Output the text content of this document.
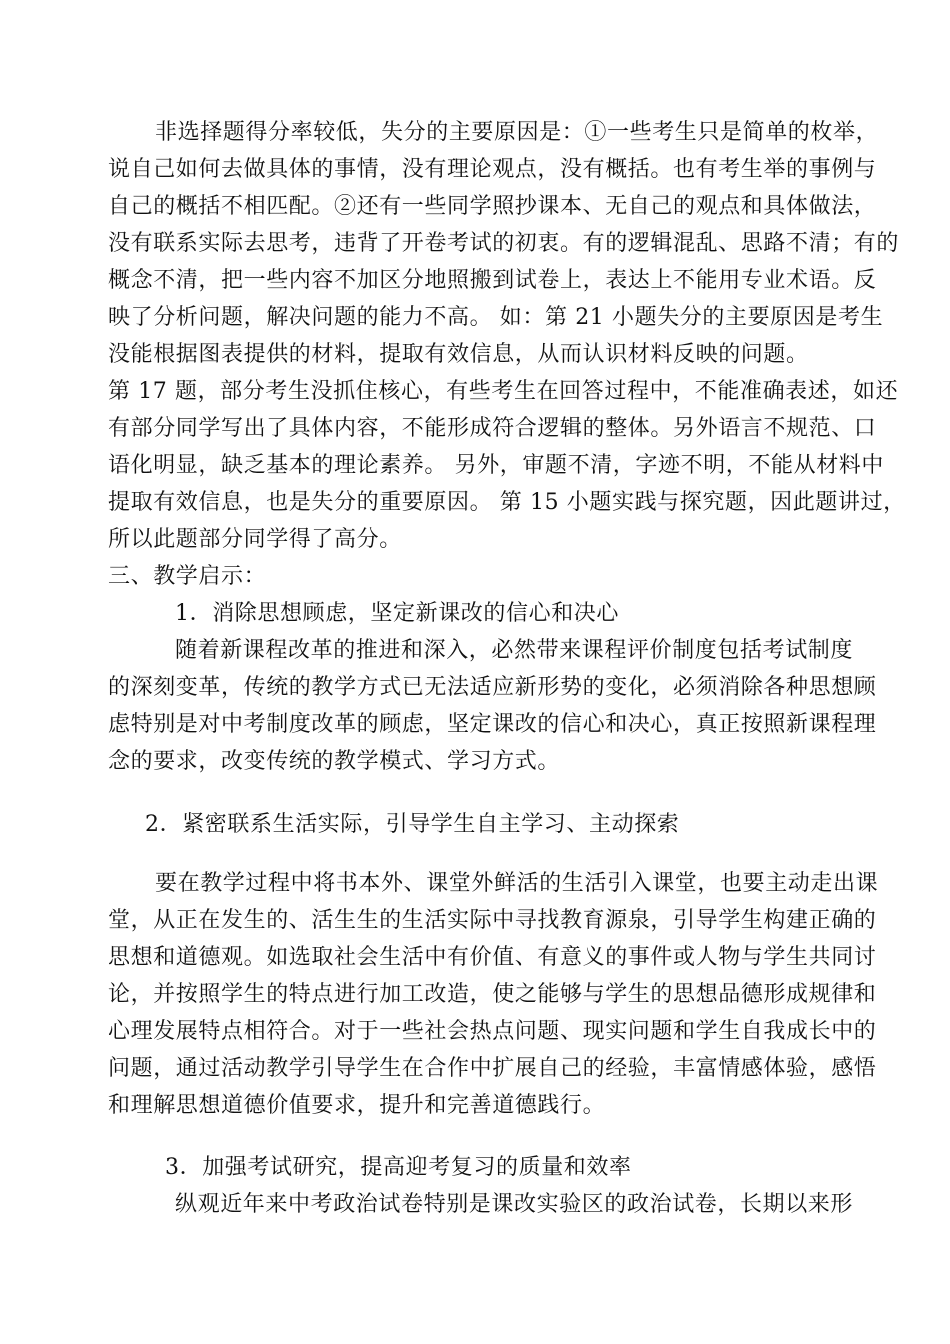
非选择题得分率较低，失分的主要原因是：①一些考生只是简单的枚举，
说自己如何去做具体的事情，没有理论观点，没有概括。也有考生举的事例与
自己的概括不相匹配。②还有一些同学照抄课本、无自己的观点和具体做法，
没有联系实际去思考，违背了开卷考试的初衷。有的逻辑混乱、思路不清；有的
概念不清，把一些内容不加区分地照搬到试卷上，表达上不能用专业术语。反
映了分析问题，解决问题的能力不高。 如：第 21 小题失分的主要原因是考生
没能根据图表提供的材料，提取有效信息，从而认识材料反映的问题。
第 17 题，部分考生没抓住核心，有些考生在回答过程中，不能准确表述，如还
有部分同学写出了具体内容，不能形成符合逻辑的整体。另外语言不规范、口
语化明显，缺乏基本的理论素养。 另外，审题不清，字迹不明，不能从材料中
提取有效信息，也是失分的重要原因。 第 15 小题实践与探究题，因此题讲过，
所以此题部分同学得了高分。
三、教学启示：
1．消除思想顾虑，坚定新课改的信心和决心
随着新课程改革的推进和深入，必然带来课程评价制度包括考试制度
的深刻变革，传统的教学方式已无法适应新形势的变化，必须消除各种思想顾
虑特别是对中考制度改革的顾虑，坚定课改的信心和决心，真正按照新课程理
念的要求，改变传统的教学模式、学习方式。
2．紧密联系生活实际，引导学生自主学习、主动探索
要在教学过程中将书本外、课堂外鲜活的生活引入课堂，也要主动走出课
堂，从正在发生的、活生生的生活实际中寻找教育源泉，引导学生构建正确的
思想和道德观。如选取社会生活中有价值、有意义的事件或人物与学生共同讨
论，并按照学生的特点进行加工改造，使之能够与学生的思想品德形成规律和
心理发展特点相符合。对于一些社会热点问题、现实问题和学生自我成长中的
问题，通过活动教学引导学生在合作中扩展自己的经验，丰富情感体验，感悟
和理解思想道德价值要求，提升和完善道德践行。
3．加强考试研究，提高迎考复习的质量和效率
纵观近年来中考政治试卷特别是课改实验区的政治试卷，长期以来形
